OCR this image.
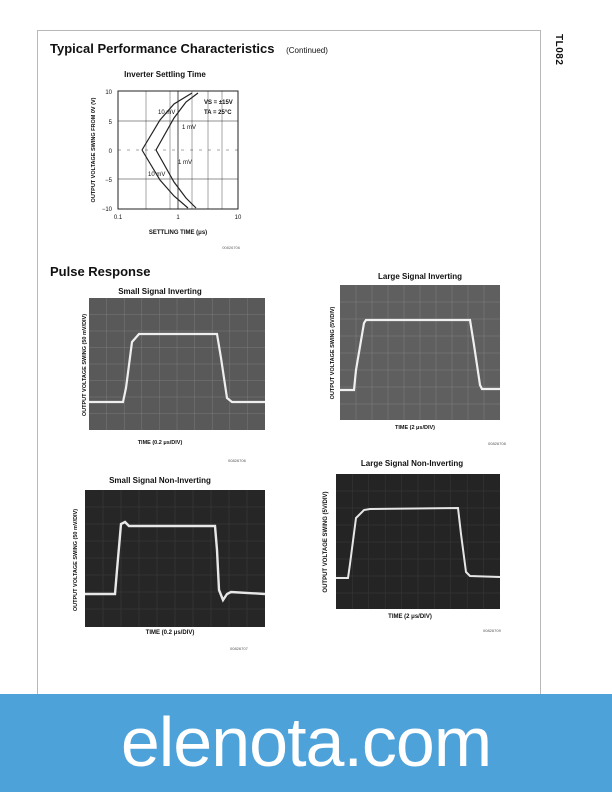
TL082
Typical Performance Characteristics (Continued)
Inverter Settling Time
10
5
0
−5
−10
0.1	1	10
VS = ±15V
TA = 25°C
10 mV
1 mV
1 mV
10 mV
SETTLING TIME (μs)
OUTPUT VOLTAGE SWING FROM 0V (V)
00826706
Pulse Response
Small Signal Inverting
OUTPUT VOLTAGE SWING (50 mV/DIV)
TIME (0.2 μs/DIV)
00826706
Large Signal Inverting
OUTPUT VOLTAGE SWING (5V/DIV)
TIME (2 μs/DIV)
00826708
Small Signal Non-Inverting
OUTPUT VOLTAGE SWING (50 mV/DIV)
TIME (0.2 μs/DIV)
00826707
Large Signal Non-Inverting
OUTPUT VOLTAGE SWING (5V/DIV)
TIME (2 μs/DIV)
00826709
elenota.com
